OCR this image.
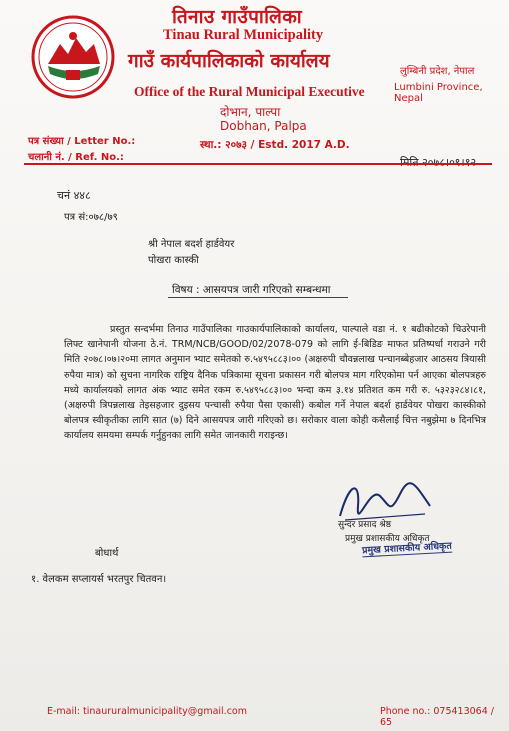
तिनाउ गाउँपालिका
Tinau Rural Municipality
गाउँ कार्यपालिकाको कार्यालय
Office of the Rural Municipal Executive
लुम्बिनी प्रदेश, नेपाल
Lumbini Province, Nepal
दोभान, पाल्पा
Dobhan, Palpa
स्था.: २०७३ / Estd. 2017 A.D.
पत्र संख्या / Letter No.:
चलानी नं. / Ref. No.:
चनं ४४८
पत्र सं:०७८/७९
श्री नेपाल बदर्श हार्डवेयर
पोखरा कास्की
विषय : आसयपत्र जारी गरिएको सम्बन्धमा
प्रस्तुत सन्दर्भमा तिनाउ गाउँपालिका गाउकार्यपालिकाको कार्यालय, पाल्पाले वडा नं. १ बढीकोटको चिउरेपानी लिफ्ट खानेपानी योजना ठे.नं. TRM/NCB/GOOD/02/2078-079 को लागि ई-बिडिङ माफत प्रतिष्पर्धा गराउने गरी मिति २०७८।०७।२०मा लागत अनुमान भ्याट समेतको रु.५४९५८८३।०० (अक्षरुपी चौवन्नलाख पन्चानब्बेहजार आठसय त्रियासी रुपैया मात्र) को सुचना नागरिक राष्ट्रिय दैनिक पत्रिकामा सूचना प्रकासन गरी बोलपत्र माग गरिएकोमा पर्न आएका बोलपत्रहरु मध्ये कार्यालयको लागत अंक भ्याट समेत रकम रु.५४९५८८३।०० भन्दा कम ३.१४ प्रतिशत कम गरी रु. ५३२३२८४।८१, (अक्षरुपी त्रिपन्नलाख तेइसहजार दुइसय पन्चासी रुपैया पैसा एकासी) कबोल गर्ने नेपाल बदर्श हार्डवेयर पोखरा कास्कीको बोलपत्र स्वीकृतीका लागि सात (७) दिने आसयपत्र जारी गरिएको छ। सरोकार वाला कोही कसैलाई चित्त नबुझेमा ७ दिनभित्र कार्यालय समयमा सम्पर्क गर्नुहुनका लागि समेत जानकारी गराइन्छ।
सुन्दर प्रसाद श्रेष्ठ
प्रमुख प्रशासकीय अधिकृत
प्रमुख प्रशासकीय अधिकृत
बोधार्थ
१. वेलकम सप्लायर्स भरतपुर चितवन।
E-mail: tinaururalmunicipality@gmail.com	Phone no.: 075413064 / 65
